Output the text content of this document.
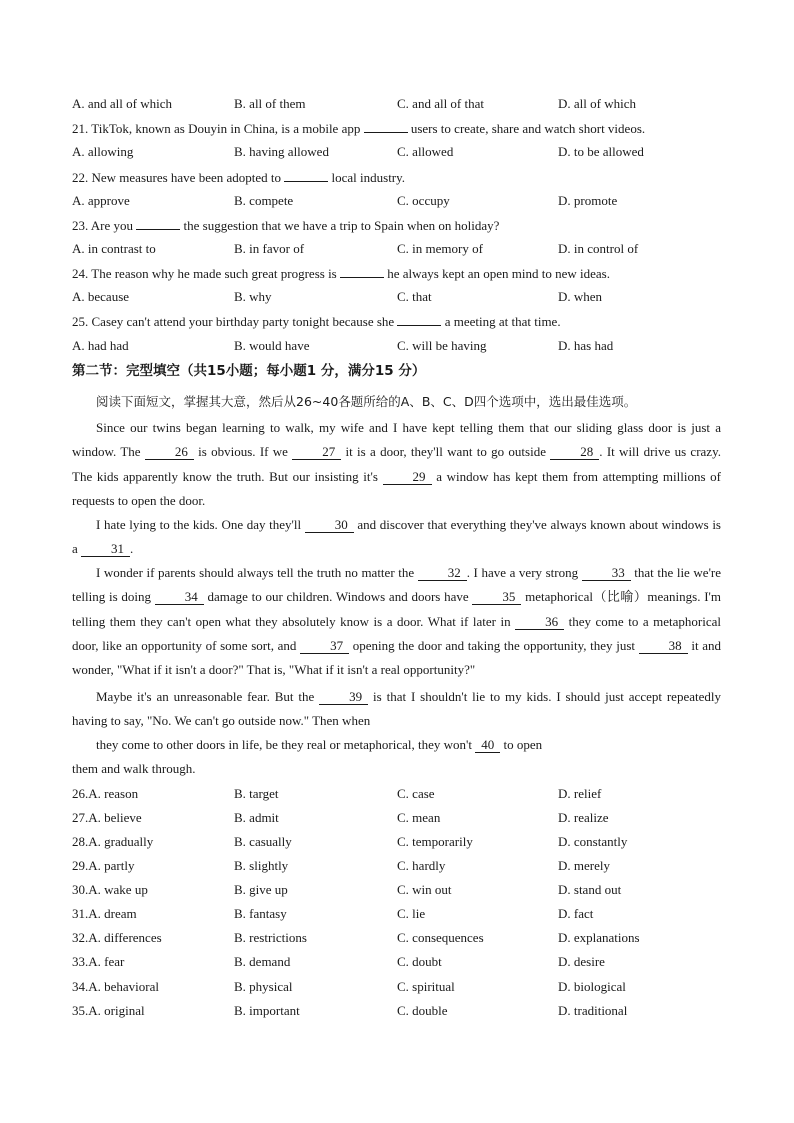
A. and all of which	B. all of them	C. and all of that	D. all of which
21. TikTok, known as Douyin in China, is a mobile app	users to create, share and watch short videos.
A. allowing	B. having allowed	C. allowed	D. to be allowed
22. New measures have been adopted to	local industry.
A. approve	B. compete	C. occupy	D. promote
23. Are you	the suggestion that we have a trip to Spain when on holiday?
A. in contrast to	B. in favor of	C. in memory of	D. in control of
24. The reason why he made such great progress is	he always kept an open mind to new ideas.
A. because	B. why	C. that	D. when
25. Casey can't attend your birthday party tonight because she	a meeting at that time.
A. had had	B. would have	C. will be having	D. has had
第二节：完型填空（共15小题；每小题1 分，满分15 分）
阅读下面短文，掌握其大意，然后从26~40各题所给的A、B、C、D四个选项中，选出最佳选项。
Since our twins began learning to walk, my wife and I have kept telling them that our sliding glass door is just a window. The 26 is obvious. If we 27 it is a door, they'll want to go outside 28 . It will drive us crazy. The kids apparently know the truth. But our insisting it's 29 a window has kept them from attempting millions of requests to open the door.
I hate lying to the kids. One day they'll 30 and discover that everything they've always known about windows is a 31 .
I wonder if parents should always tell the truth no matter the 32 . I have a very strong 33 that the lie we're telling is doing 34 damage to our children. Windows and doors have 35 metaphorical（比喻）meanings. I'm telling them they can't open what they absolutely know is a door. What if later in 36 they come to a metaphorical door, like an opportunity of some sort, and 37 opening the door and taking the opportunity, they just 38 it and wonder, "What if it isn't a door?" That is, "What if it isn't a real opportunity?"
Maybe it's an unreasonable fear. But the 39 is that I shouldn't lie to my kids. I should just accept repeatedly having to say, "No. We can't go outside now." Then when
they come to other doors in life, be they real or metaphorical, they won't 40 to open
them and walk through.
26.A. reason	B. target	C. case	D. relief
27.A. believe	B. admit	C. mean	D. realize
28.A. gradually	B. casually	C. temporarily	D. constantly
29.A. partly	B. slightly	C. hardly	D. merely
30.A. wake up	B. give up	C. win out	D. stand out
31.A. dream	B. fantasy	C. lie	D. fact
32.A. differences	B. restrictions	C. consequences	D. explanations
33.A. fear	B. demand	C. doubt	D. desire
34.A. behavioral	B. physical	C. spiritual	D. biological
35.A. original	B. important	C. double	D. traditional
